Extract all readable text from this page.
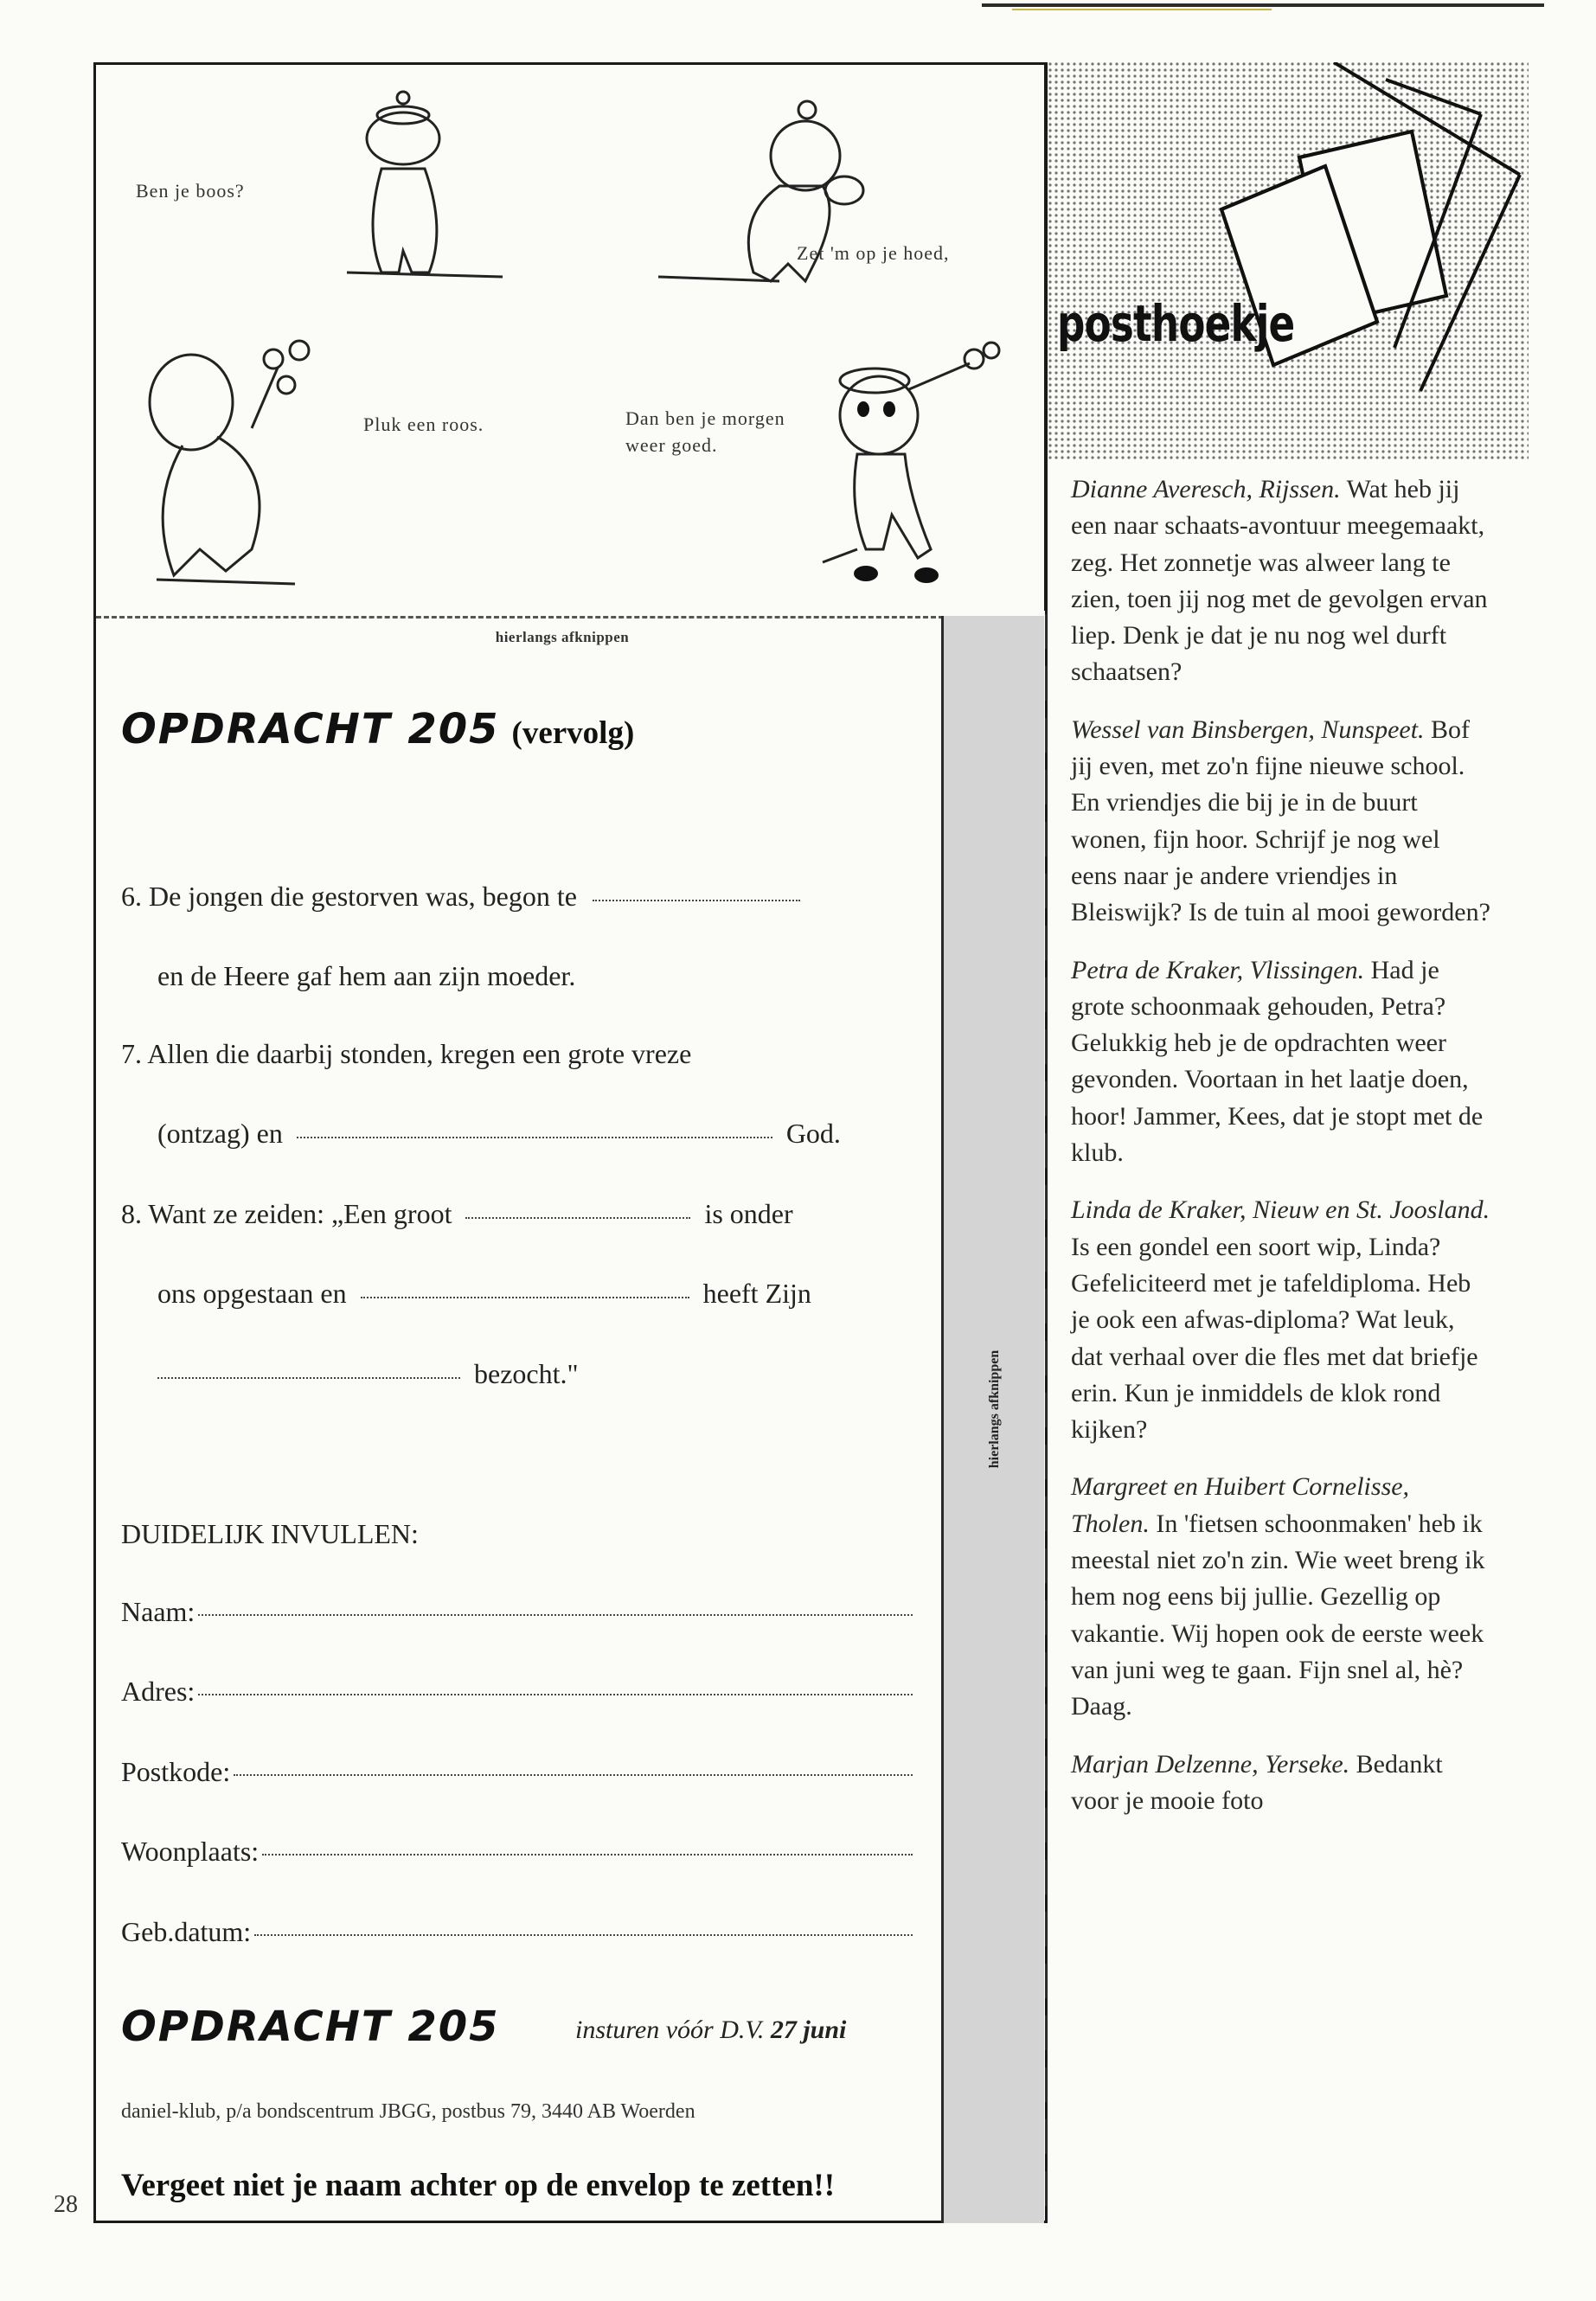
Ben je boos?
Zet 'm op je hoed,
Pluk een roos.	Dan ben je morgen
weer goed.
hierlangs afknippen
hierlangs afknippen
OPDRACHT 205 (vervolg)
6. De jongen die gestorven was, begon te
en de Heere gaf hem aan zijn moeder.
7. Allen die daarbij stonden, kregen een grote vreze
(ontzag) en	God.
8. Want ze zeiden: „Een groot	is onder
ons opgestaan en	heeft Zijn
bezocht."
DUIDELIJK INVULLEN:
Naam:
Adres:
Postkode:
Woonplaats:
Geb.datum:
OPDRACHT 205	insturen vóór D.V. 27 juni
daniel-klub, p/a bondscentrum JBGG, postbus 79, 3440 AB Woerden
Vergeet niet je naam achter op de envelop te zetten!!
28
posthoekje
Dianne Averesch, Rijssen. Wat heb jij een naar schaats-avontuur meegemaakt, zeg. Het zonnetje was alweer lang te zien, toen jij nog met de gevolgen ervan liep. Denk je dat je nu nog wel durft schaatsen?
Wessel van Binsbergen, Nunspeet. Bof jij even, met zo'n fijne nieuwe school. En vriendjes die bij je in de buurt wonen, fijn hoor. Schrijf je nog wel eens naar je andere vriendjes in Bleiswijk? Is de tuin al mooi geworden?
Petra de Kraker, Vlissingen. Had je grote schoonmaak gehouden, Petra? Gelukkig heb je de opdrachten weer gevonden. Voortaan in het laatje doen, hoor! Jammer, Kees, dat je stopt met de klub.
Linda de Kraker, Nieuw en St. Joosland. Is een gondel een soort wip, Linda? Gefeliciteerd met je tafeldiploma. Heb je ook een afwas-diploma? Wat leuk, dat verhaal over die fles met dat briefje erin. Kun je inmiddels de klok rond kijken?
Margreet en Huibert Cornelisse, Tholen. In 'fietsen schoonmaken' heb ik meestal niet zo'n zin. Wie weet breng ik hem nog eens bij jullie. Gezellig op vakantie. Wij hopen ook de eerste week van juni weg te gaan. Fijn snel al, hè? Daag.
Marjan Delzenne, Yerseke. Bedankt voor je mooie foto
